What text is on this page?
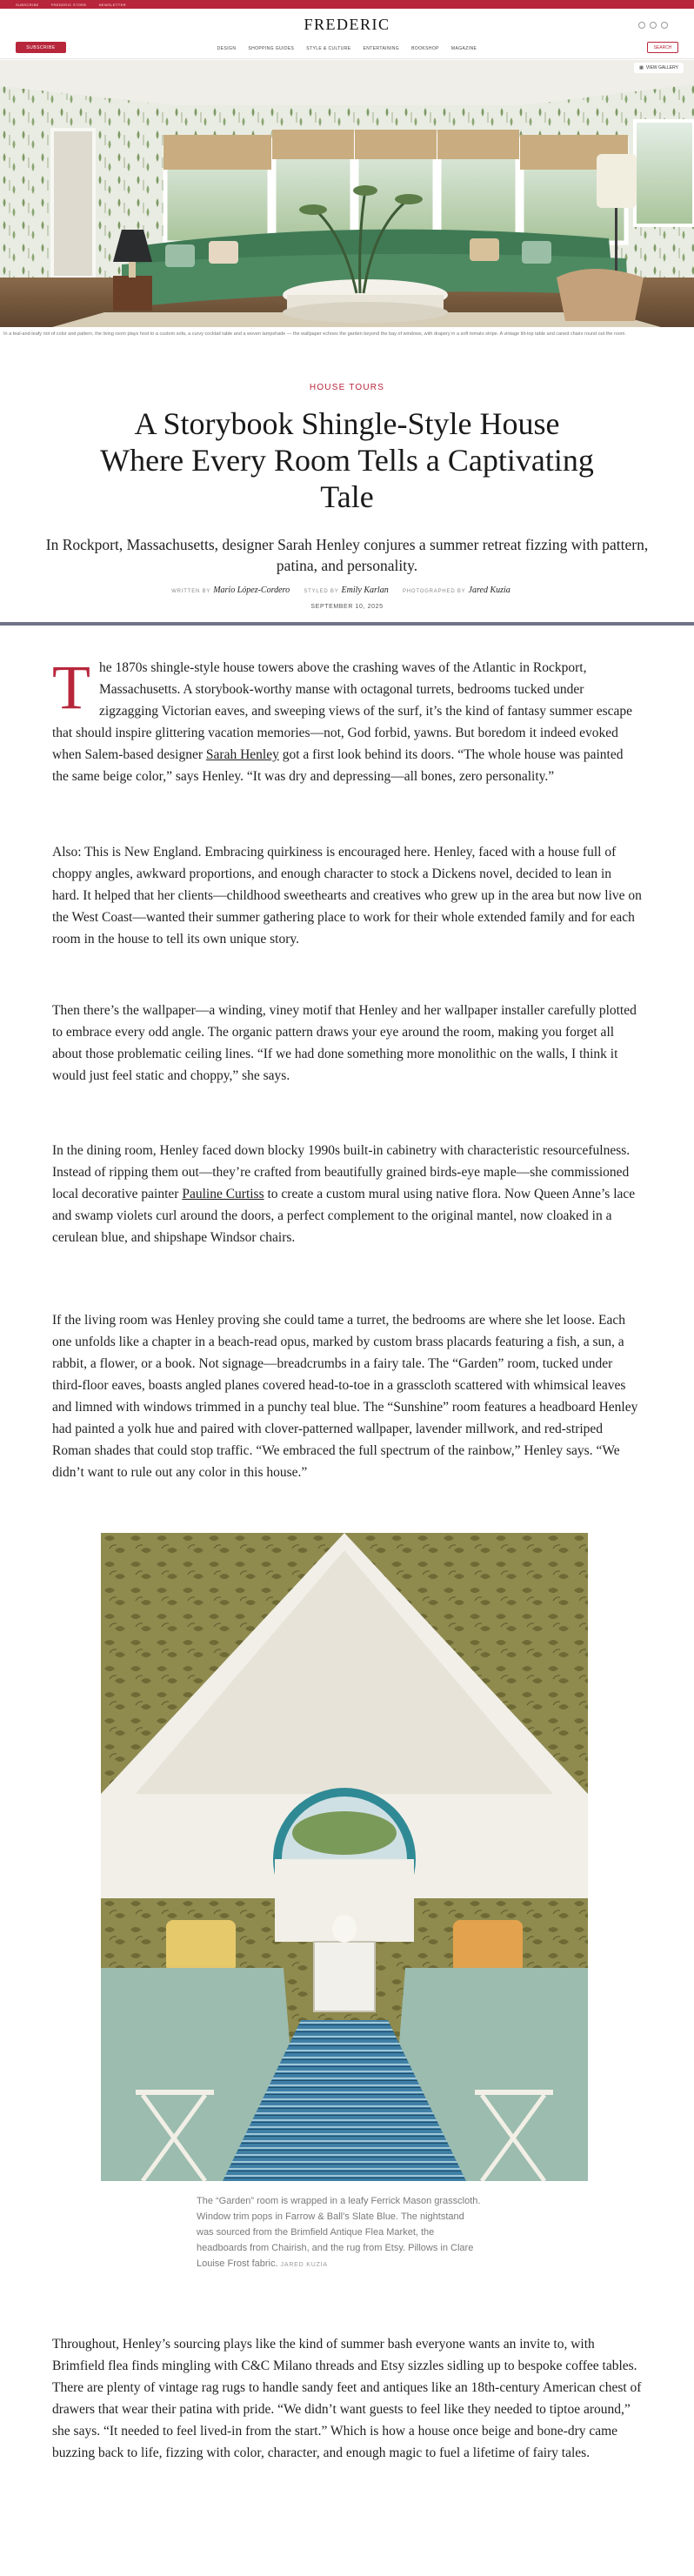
SUBSCRIBE	FREDERIC STORE	NEWSLETTER
FREDERIC
SUBSCRIBE	DESIGN	SHOPPING GUIDES	STYLE & CULTURE	ENTERTAINING	BOOKSHOP	MAGAZINE	SEARCH
▦ VIEW GALLERY
In a teal-and-leafy riot of color and pattern, the living room plays host to a custom sofa, a curvy cocktail table and a woven lampshade — the wallpaper echoes the garden beyond the bay of windows, with drapery in a soft tomato stripe. A vintage tilt-top table and caned chairs round out the room.
HOUSE TOURS
A Storybook Shingle-Style House Where Every Room Tells a Captivating Tale

In Rockport, Massachusetts, designer Sarah Henley conjures a summer retreat fizzing with pattern, patina, and personality.

WRITTEN BY Mario López-Cordero	STYLED BY Emily Karlan	PHOTOGRAPHED BY Jared Kuzia
SEPTEMBER 10, 2025

The 1870s shingle-style house towers above the crashing waves of the Atlantic in Rockport, Massachusetts. A storybook-worthy manse with octagonal turrets, bedrooms tucked under zigzagging Victorian eaves, and sweeping views of the surf, it’s the kind of fantasy summer escape that should inspire glittering vacation memories—not, God forbid, yawns. But boredom it indeed evoked when Salem-based designer Sarah Henley got a first look behind its doors. “The whole house was painted the same beige color,” says Henley. “It was dry and depressing—all bones, zero personality.”

Also: This is New England. Embracing quirkiness is encouraged here. Henley, faced with a house full of choppy angles, awkward proportions, and enough character to stock a Dickens novel, decided to lean in hard. It helped that her clients—childhood sweethearts and creatives who grew up in the area but now live on the West Coast—wanted their summer gathering place to work for their whole extended family and for each room in the house to tell its own unique story.

Then there’s the wallpaper—a winding, viney motif that Henley and her wallpaper installer carefully plotted to embrace every odd angle. The organic pattern draws your eye around the room, making you forget all about those problematic ceiling lines. “If we had done something more monolithic on the walls, I think it would just feel static and choppy,” she says.

In the dining room, Henley faced down blocky 1990s built-in cabinetry with characteristic resourcefulness. Instead of ripping them out—they’re crafted from beautifully grained birds-eye maple—she commissioned local decorative painter Pauline Curtiss to create a custom mural using native flora. Now Queen Anne’s lace and swamp violets curl around the doors, a perfect complement to the original mantel, now cloaked in a cerulean blue, and shipshape Windsor chairs.

If the living room was Henley proving she could tame a turret, the bedrooms are where she let loose. Each one unfolds like a chapter in a beach-read opus, marked by custom brass placards featuring a fish, a sun, a rabbit, a flower, or a book. Not signage—breadcrumbs in a fairy tale. The “Garden” room, tucked under third-floor eaves, boasts angled planes covered head-to-toe in a grasscloth scattered with whimsical leaves and limned with windows trimmed in a punchy teal blue. The “Sunshine” room features a headboard Henley had painted a yolk hue and paired with clover-patterned wallpaper, lavender millwork, and red-striped Roman shades that could stop traffic. “We embraced the full spectrum of the rainbow,” Henley says. “We didn’t want to rule out any color in this house.”

The “Garden” room is wrapped in a leafy Ferrick Mason grasscloth. Window trim pops in Farrow & Ball’s Slate Blue. The nightstand was sourced from the Brimfield Antique Flea Market, the headboards from Chairish, and the rug from Etsy. Pillows in Clare Louise Frost fabric. JARED KUZIA

Throughout, Henley’s sourcing plays like the kind of summer bash everyone wants an invite to, with Brimfield flea finds mingling with C&C Milano threads and Etsy sizzles sidling up to bespoke coffee tables. There are plenty of vintage rag rugs to handle sandy feet and antiques like an 18th-century American chest of drawers that wear their patina with pride. “We didn’t want guests to feel like they needed to tiptoe around,” she says. “It needed to feel lived-in from the start.” Which is how a house once beige and bone-dry came buzzing back to life, fizzing with color, character, and enough magic to fuel a lifetime of fairy tales.
